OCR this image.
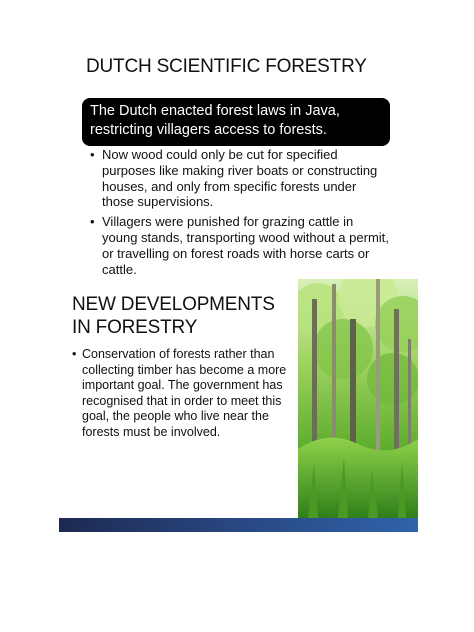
DUTCH SCIENTIFIC FORESTRY
The Dutch enacted forest laws in Java,
restricting villagers access to forests.
• Now wood could only be cut for specified purposes like making river boats or constructing houses, and only from specific forests under those supervisions.
• Villagers were punished for grazing cattle in young stands, transporting wood without a permit, or travelling on forest roads with horse carts or cattle.
NEW DEVELOPMENTS IN FORESTRY
• Conservation of forests rather than collecting timber has become a more important goal. The government has recognised that in order to meet this goal, the people who live near the forests must be involved.
